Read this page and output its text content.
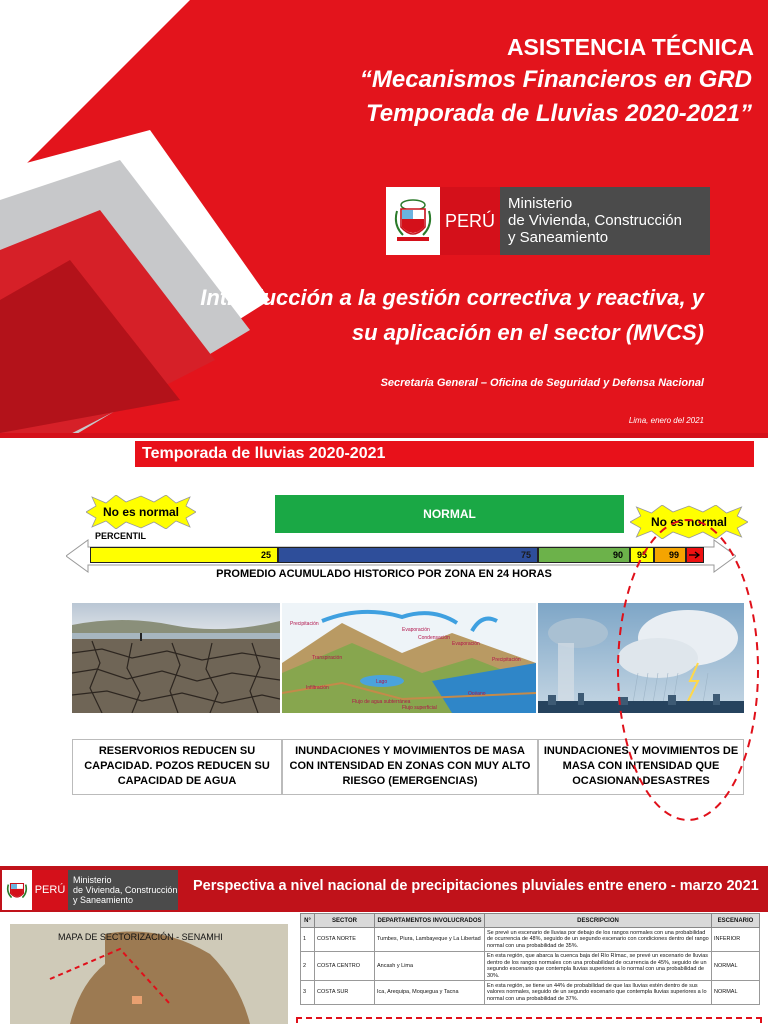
ASISTENCIA TÉCNICA
“Mecanismos Financieros en GRD
Temporada de Lluvias 2020-2021”
PERÚ
Ministerio
de Vivienda, Construcción
y Saneamiento
Introducción a la gestión correctiva y reactiva, y
su aplicación en el sector (MVCS)
Secretaría General – Oficina de Seguridad y Defensa Nacional
Lima, enero del 2021
Temporada de lluvias 2020-2021
NORMAL
No es normal
No es normal
PERCENTIL
25	75	90	95	99
PROMEDIO ACUMULADO HISTORICO POR ZONA EN 24 HORAS
Precipitación
Evaporación
Condensación
Evaporación
Precipitación
Lago
Infiltración
Océano
Flujo de agua subterránea
Flujo superficial
Transpiración
RESERVORIOS REDUCEN SU CAPACIDAD. POZOS REDUCEN SU CAPACIDAD DE AGUA
INUNDACIONES Y MOVIMIENTOS DE MASA CON INTENSIDAD EN ZONAS CON MUY ALTO RIESGO (EMERGENCIAS)
INUNDACIONES Y MOVIMIENTOS DE MASA CON INTENSIDAD QUE OCASIONAN DESASTRES
PERÚ
Ministerio
de Vivienda, Construcción
y Saneamiento
Perspectiva a nivel nacional de precipitaciones pluviales entre enero - marzo 2021
MAPA DE SECTORIZACIÓN - SENAMHI
N°	SECTOR	DEPARTAMENTOS INVOLUCRADOS	DESCRIPCION	ESCENARIO
1	COSTA NORTE	Tumbes, Piura, Lambayeque y La Libertad	Se prevé un escenario de lluvias por debajo de los rangos normales con una probabilidad de ocurrencia de 48%, seguido de un segundo escenario con condiciones dentro del rango normal con una probabilidad de 35%.	INFERIOR
2	COSTA CENTRO	Ancash y Lima	En esta región, que abarca la cuenca baja del Río Rímac, se prevé un escenario de lluvias dentro de los rangos normales con una probabilidad de ocurrencia de 45%, seguido de un segundo escenario que contempla lluvias superiores a lo normal con una probabilidad de 30%.	NORMAL
3	COSTA SUR	Ica, Arequipa, Moquegua y Tacna	En esta región, se tiene un 44% de probabilidad de que las lluvias estén dentro de sus valores normales, seguido de un segundo escenario que contempla lluvias superiores a lo normal con una probabilidad de 37%.	NORMAL
